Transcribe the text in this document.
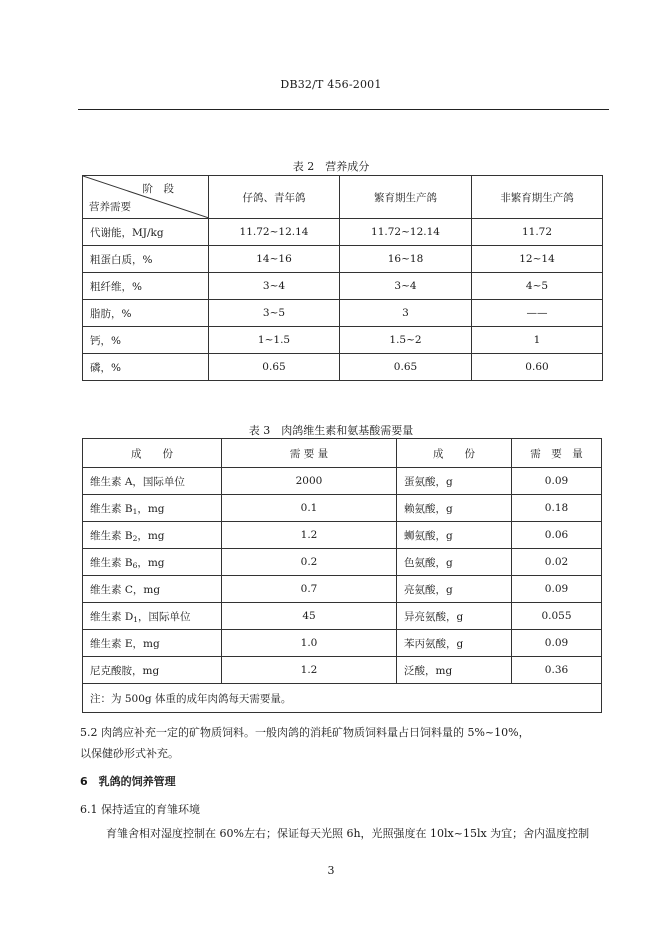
DB32/T 456-2001
表 2　营养成分
阶　段
营养需要	仔鸽、青年鸽	繁育期生产鸽	非繁育期生产鸽
代谢能，MJ/kg	11.72~12.14	11.72~12.14	11.72
粗蛋白质，%	14~16	16~18	12~14
粗纤维，%	3~4	3~4	4~5
脂肪，%	3~5	3	——
钙，%	1~1.5	1.5~2	1
磷，%	0.65	0.65	0.60
表 3　肉鸽维生素和氨基酸需要量
成　　份	需 要 量	成　　份	需　要　量
维生素 A，国际单位	2000	蛋氨酸，g	0.09
维生素 $B_1$，mg	0.1	赖氨酸，g	0.18
维生素 $B_2$，mg	1.2	蛳氨酸，g	0.06
维生素 $B_6$，mg	0.2	色氨酸，g	0.02
维生素 C，mg	0.7	亮氨酸，g	0.09
维生素 $D_1$，国际单位	45	异亮氨酸，g	0.055
维生素 E，mg	1.0	苯丙氨酸，g	0.09
尼克酸胺，mg	1.2	泛酸，mg	0.36
注：为 500g 体重的成年肉鸽每天需要量。			
5.2 肉鸽应补充一定的矿物质饲料。一般肉鸽的消耗矿物质饲料量占日饲料量的 5%~10%，
以保健砂形式补充。
6　乳鸽的饲养管理
6.1 保持适宜的育雏环境
育雏舍相对湿度控制在 60%左右；保证每天光照 6h，光照强度在 10lx~15lx 为宜；舍内温度控制
3
